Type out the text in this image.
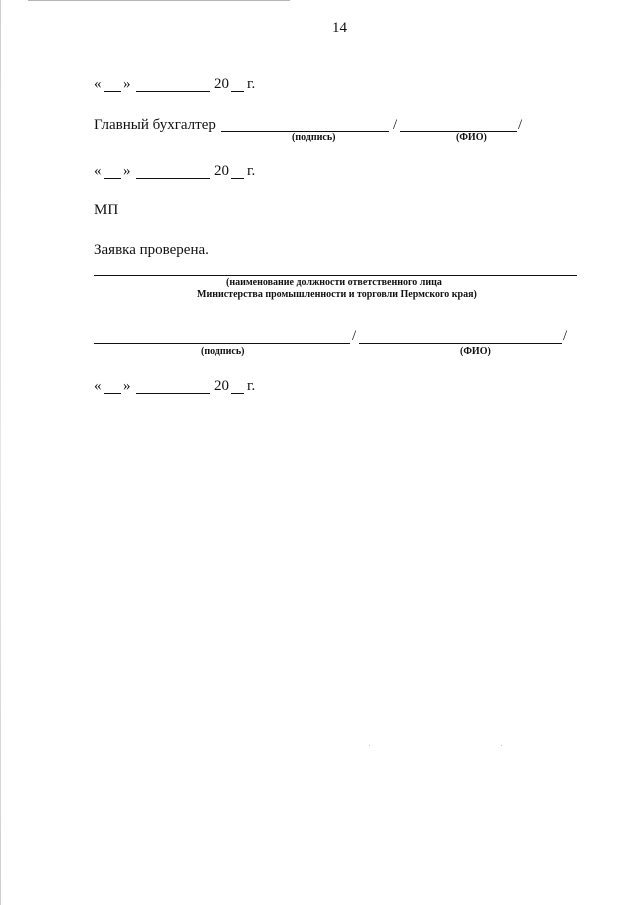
14
« »	20 г.
Главный бухгалтер	/	/
(подпись)	(ФИО)
« »	20 г.
МП
Заявка проверена.
(наименование должности ответственного лица
Министерства промышленности и торговли Пермского края)
/	/
(подпись)	(ФИО)
« »	20 г.
